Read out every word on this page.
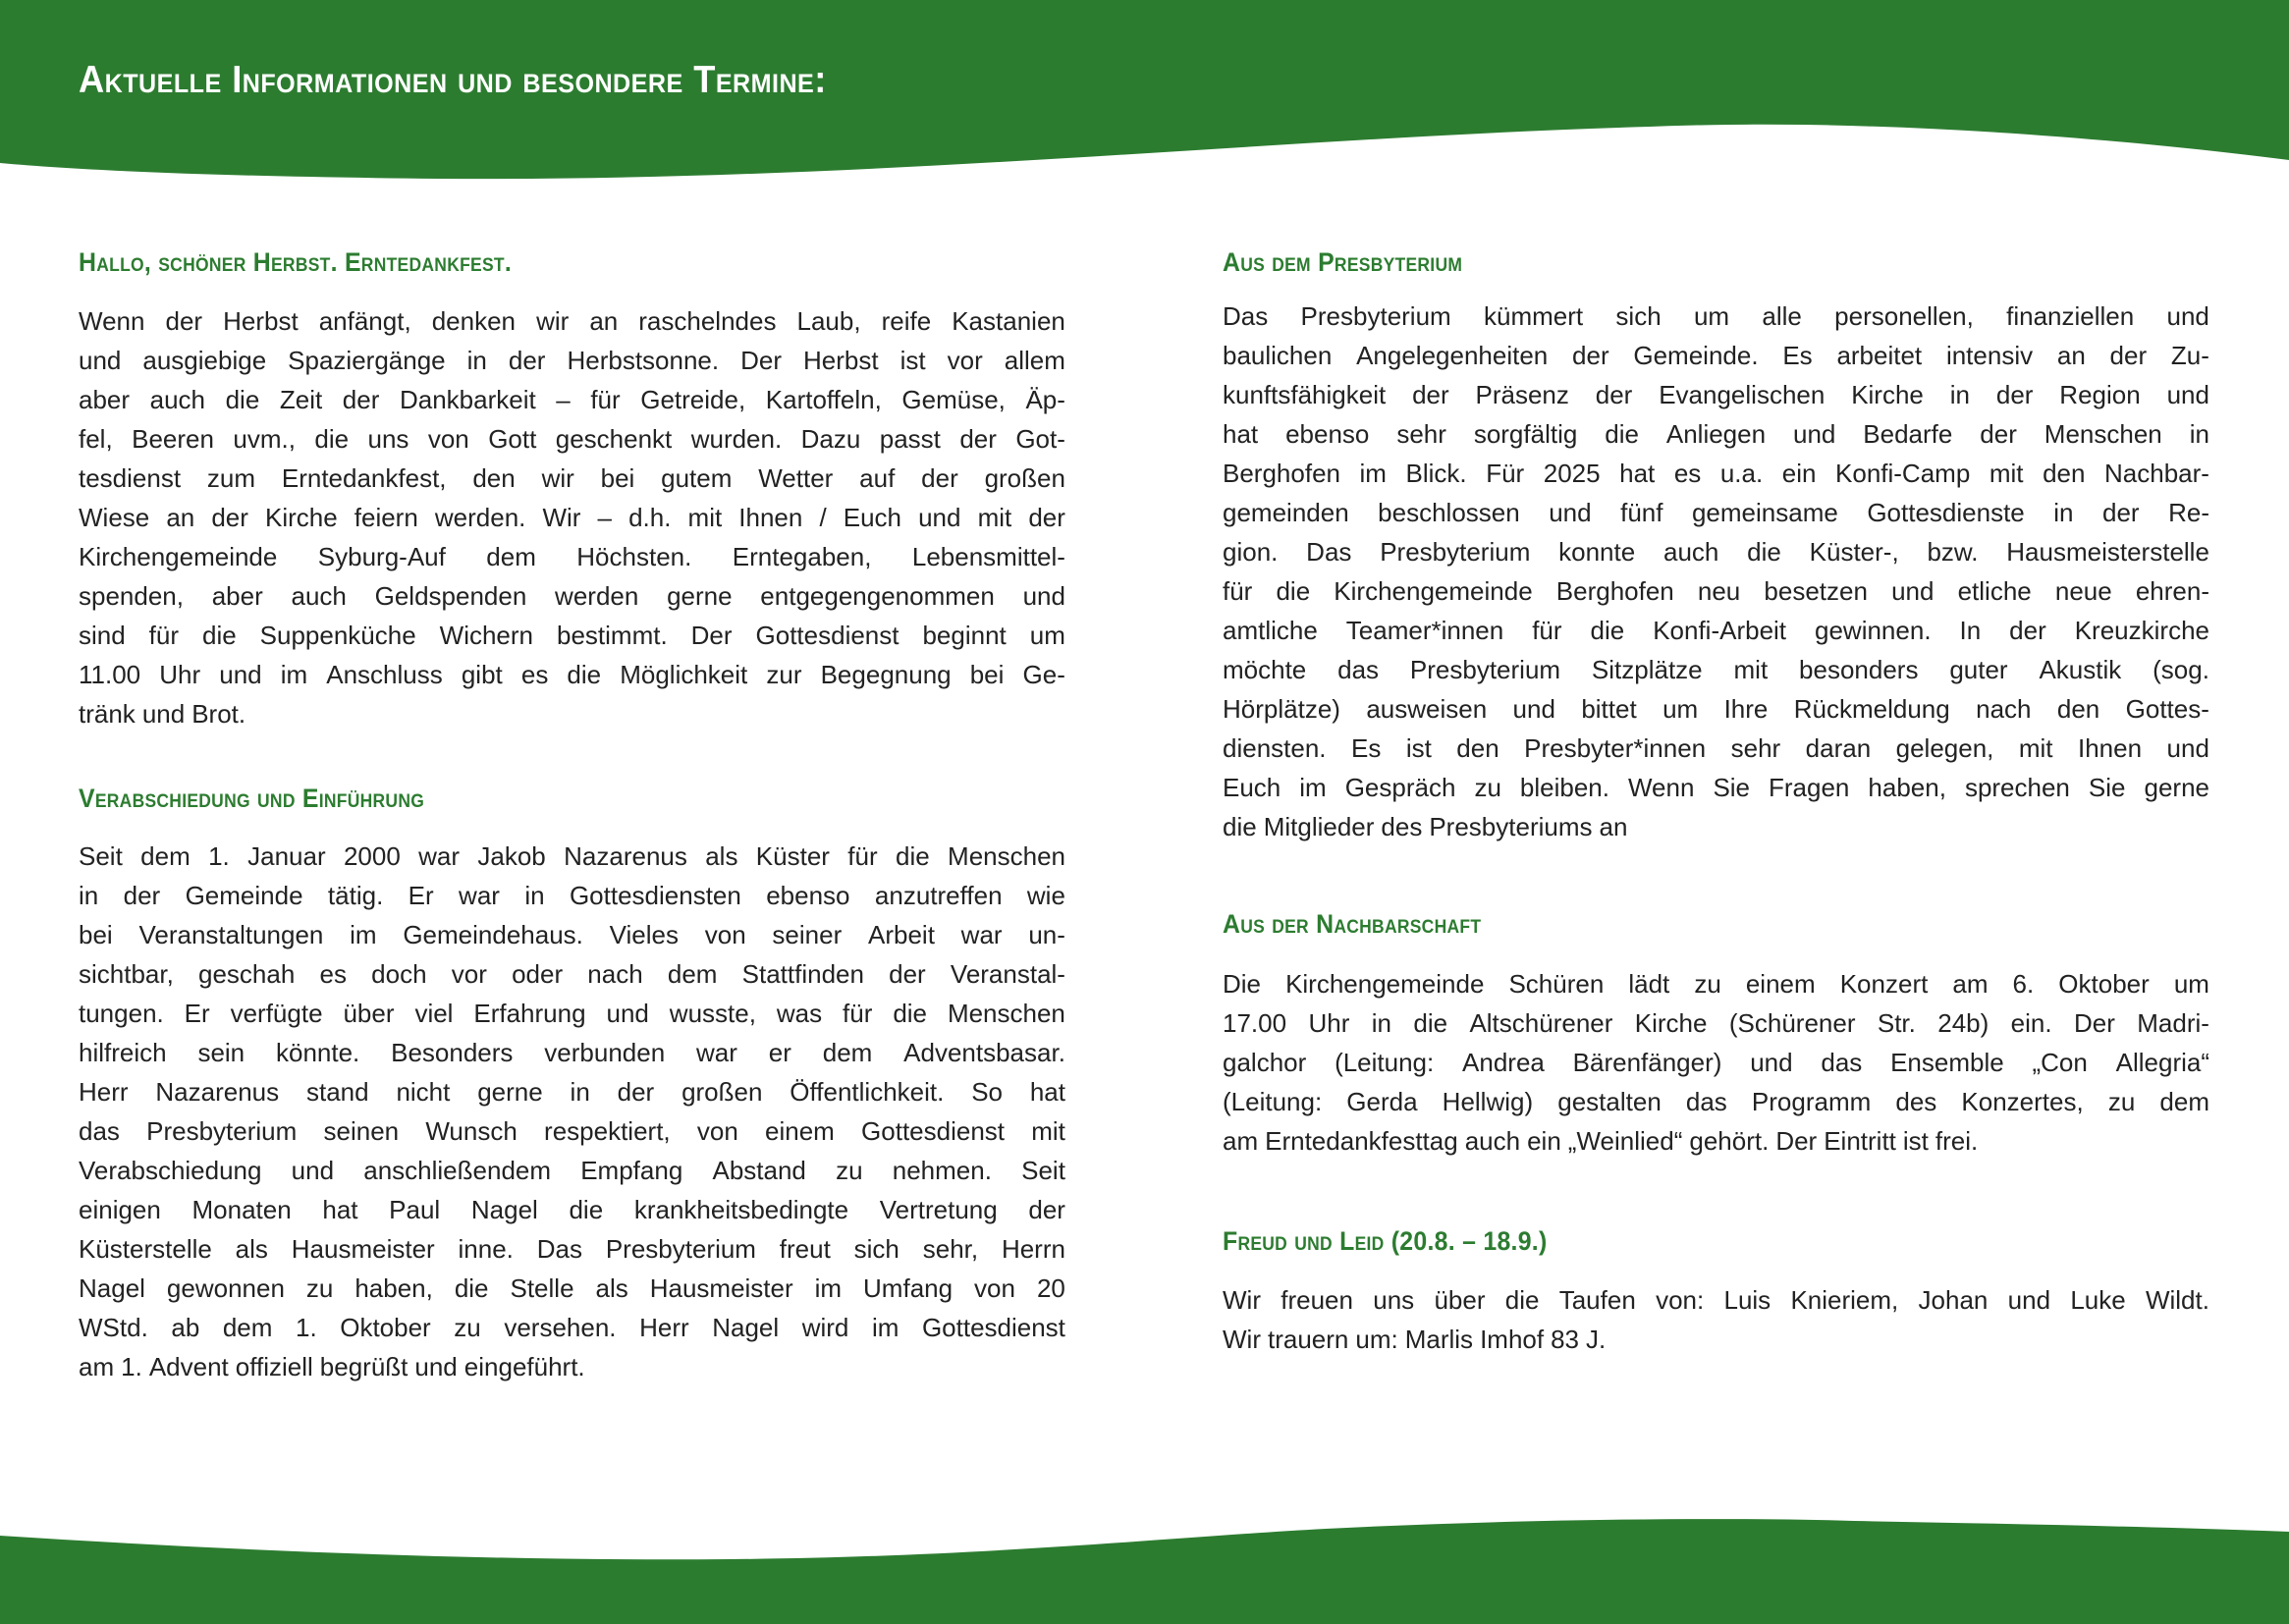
Aktuelle Informationen und besondere Termine:
Hallo, schöner Herbst. Erntedankfest.
Wenn der Herbst anfängt, denken wir an raschelndes Laub, reife Kastanien
und ausgiebige Spaziergänge in der Herbstsonne. Der Herbst ist vor allem
aber auch die Zeit der Dankbarkeit – für Getreide, Kartoffeln, Gemüse, Äp-
fel, Beeren uvm., die uns von Gott geschenkt wurden. Dazu passt der Got-
tesdienst zum Erntedankfest, den wir bei gutem Wetter auf der großen
Wiese an der Kirche feiern werden. Wir – d.h. mit Ihnen / Euch und mit der
Kirchengemeinde Syburg-Auf dem Höchsten. Erntegaben, Lebensmittel-
spenden, aber auch Geldspenden werden gerne entgegengenommen und
sind für die Suppenküche Wichern bestimmt. Der Gottesdienst beginnt um
11.00 Uhr und im Anschluss gibt es die Möglichkeit zur Begegnung bei Ge-
tränk und Brot.
Verabschiedung und Einführung
Seit dem 1. Januar 2000 war Jakob Nazarenus als Küster für die Menschen
in der Gemeinde tätig. Er war in Gottesdiensten ebenso anzutreffen wie
bei Veranstaltungen im Gemeindehaus. Vieles von seiner Arbeit war un-
sichtbar, geschah es doch vor oder nach dem Stattfinden der Veranstal-
tungen. Er verfügte über viel Erfahrung und wusste, was für die Menschen
hilfreich sein könnte. Besonders verbunden war er dem Adventsbasar.
Herr Nazarenus stand nicht gerne in der großen Öffentlichkeit. So hat
das Presbyterium seinen Wunsch respektiert, von einem Gottesdienst mit
Verabschiedung und anschließendem Empfang Abstand zu nehmen. Seit
einigen Monaten hat Paul Nagel die krankheitsbedingte Vertretung der
Küsterstelle als Hausmeister inne. Das Presbyterium freut sich sehr, Herrn
Nagel gewonnen zu haben, die Stelle als Hausmeister im Umfang von 20
WStd. ab dem 1. Oktober zu versehen. Herr Nagel wird im Gottesdienst
am 1. Advent offiziell begrüßt und eingeführt.
Aus dem Presbyterium
Das Presbyterium kümmert sich um alle personellen, finanziellen und
baulichen Angelegenheiten der Gemeinde. Es arbeitet intensiv an der Zu-
kunftsfähigkeit der Präsenz der Evangelischen Kirche in der Region und
hat ebenso sehr sorgfältig die Anliegen und Bedarfe der Menschen in
Berghofen im Blick. Für 2025 hat es u.a. ein Konfi-Camp mit den Nachbar-
gemeinden beschlossen und fünf gemeinsame Gottesdienste in der Re-
gion. Das Presbyterium konnte auch die Küster-, bzw. Hausmeisterstelle
für die Kirchengemeinde Berghofen neu besetzen und etliche neue ehren-
amtliche Teamer*innen für die Konfi-Arbeit gewinnen. In der Kreuzkirche
möchte das Presbyterium Sitzplätze mit besonders guter Akustik (sog.
Hörplätze) ausweisen und bittet um Ihre Rückmeldung nach den Gottes-
diensten. Es ist den Presbyter*innen sehr daran gelegen, mit Ihnen und
Euch im Gespräch zu bleiben. Wenn Sie Fragen haben, sprechen Sie gerne
die Mitglieder des Presbyteriums an
Aus der Nachbarschaft
Die Kirchengemeinde Schüren lädt zu einem Konzert am 6. Oktober um
17.00 Uhr in die Altschürener Kirche (Schürener Str. 24b) ein. Der Madri-
galchor (Leitung: Andrea Bärenfänger) und das Ensemble „Con Allegria“
(Leitung: Gerda Hellwig) gestalten das Programm des Konzertes, zu dem
am Erntedankfesttag auch ein „Weinlied“ gehört. Der Eintritt ist frei.
Freud und Leid (20.8. – 18.9.)
Wir freuen uns über die Taufen von: Luis Knieriem, Johan und Luke Wildt.
Wir trauern um: Marlis Imhof 83 J.
